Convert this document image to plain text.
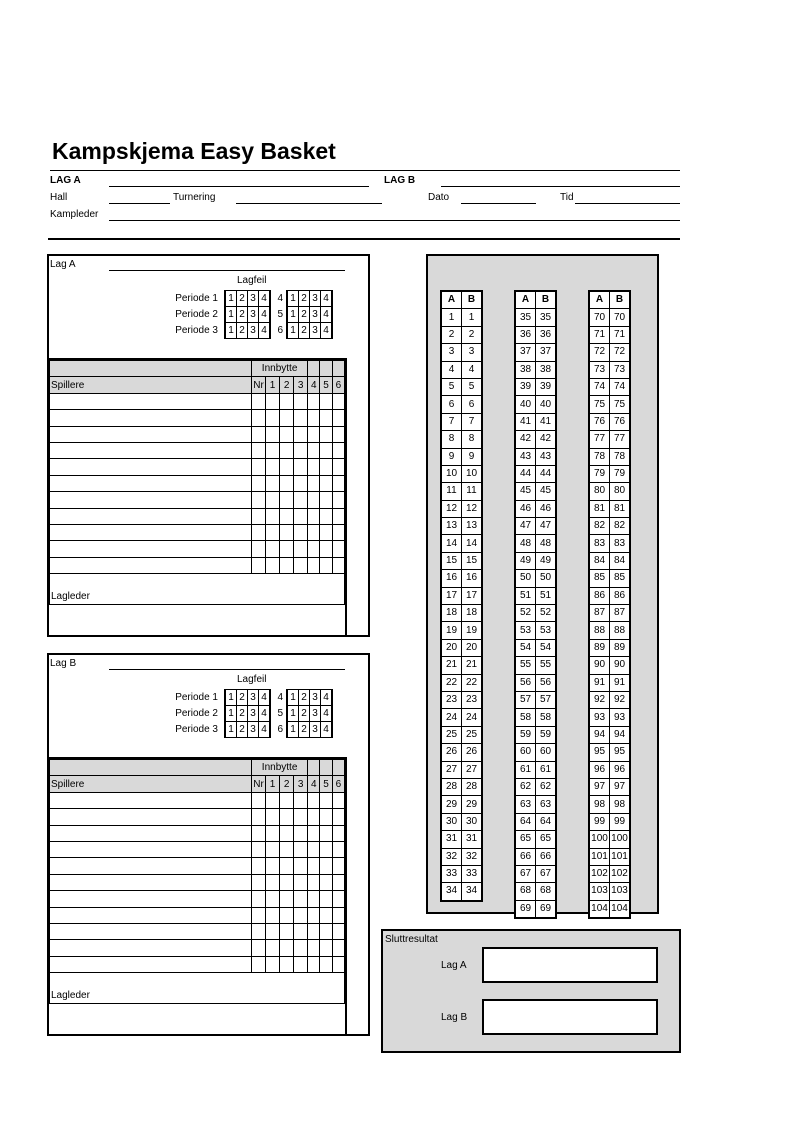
Kampskjema Easy Basket
LAG A	LAG B
Hall	Turnering	Dato	Tid
Kampleder
Lag A
Lagfeil
Periode 1	1	2	3	4	4	1	2	3	4
Periode 2	1	2	3	4	5	1	2	3	4
Periode 3	1	2	3	4	6	1	2	3	4
	Innbytte						
Spillere	Nr	1	2	3	4	5	6

Lagleder							
Lag B
Lagfeil
Periode 1	1	2	3	4	4	1	2	3	4
Periode 2	1	2	3	4	5	1	2	3	4
Periode 3	1	2	3	4	6	1	2	3	4
	Innbytte						
Spillere	Nr	1	2	3	4	5	6

Lagleder							
A	B
1	1
2	2
3	3
4	4
5	5
6	6
7	7
8	8
9	9
10	10
11	11
12	12
13	13
14	14
15	15
16	16
17	17
18	18
19	19
20	20
21	21
22	22
23	23
24	24
25	25
26	26
27	27
28	28
29	29
30	30
31	31
32	32
33	33
34	34
A	B
35	35
36	36
37	37
38	38
39	39
40	40
41	41
42	42
43	43
44	44
45	45
46	46
47	47
48	48
49	49
50	50
51	51
52	52
53	53
54	54
55	55
56	56
57	57
58	58
59	59
60	60
61	61
62	62
63	63
64	64
65	65
66	66
67	67
68	68
69	69
A	B
70	70
71	71
72	72
73	73
74	74
75	75
76	76
77	77
78	78
79	79
80	80
81	81
82	82
83	83
84	84
85	85
86	86
87	87
88	88
89	89
90	90
91	91
92	92
93	93
94	94
95	95
96	96
97	97
98	98
99	99
100	100
101	101
102	102
103	103
104	104
Sluttresultat
Lag A
Lag B
